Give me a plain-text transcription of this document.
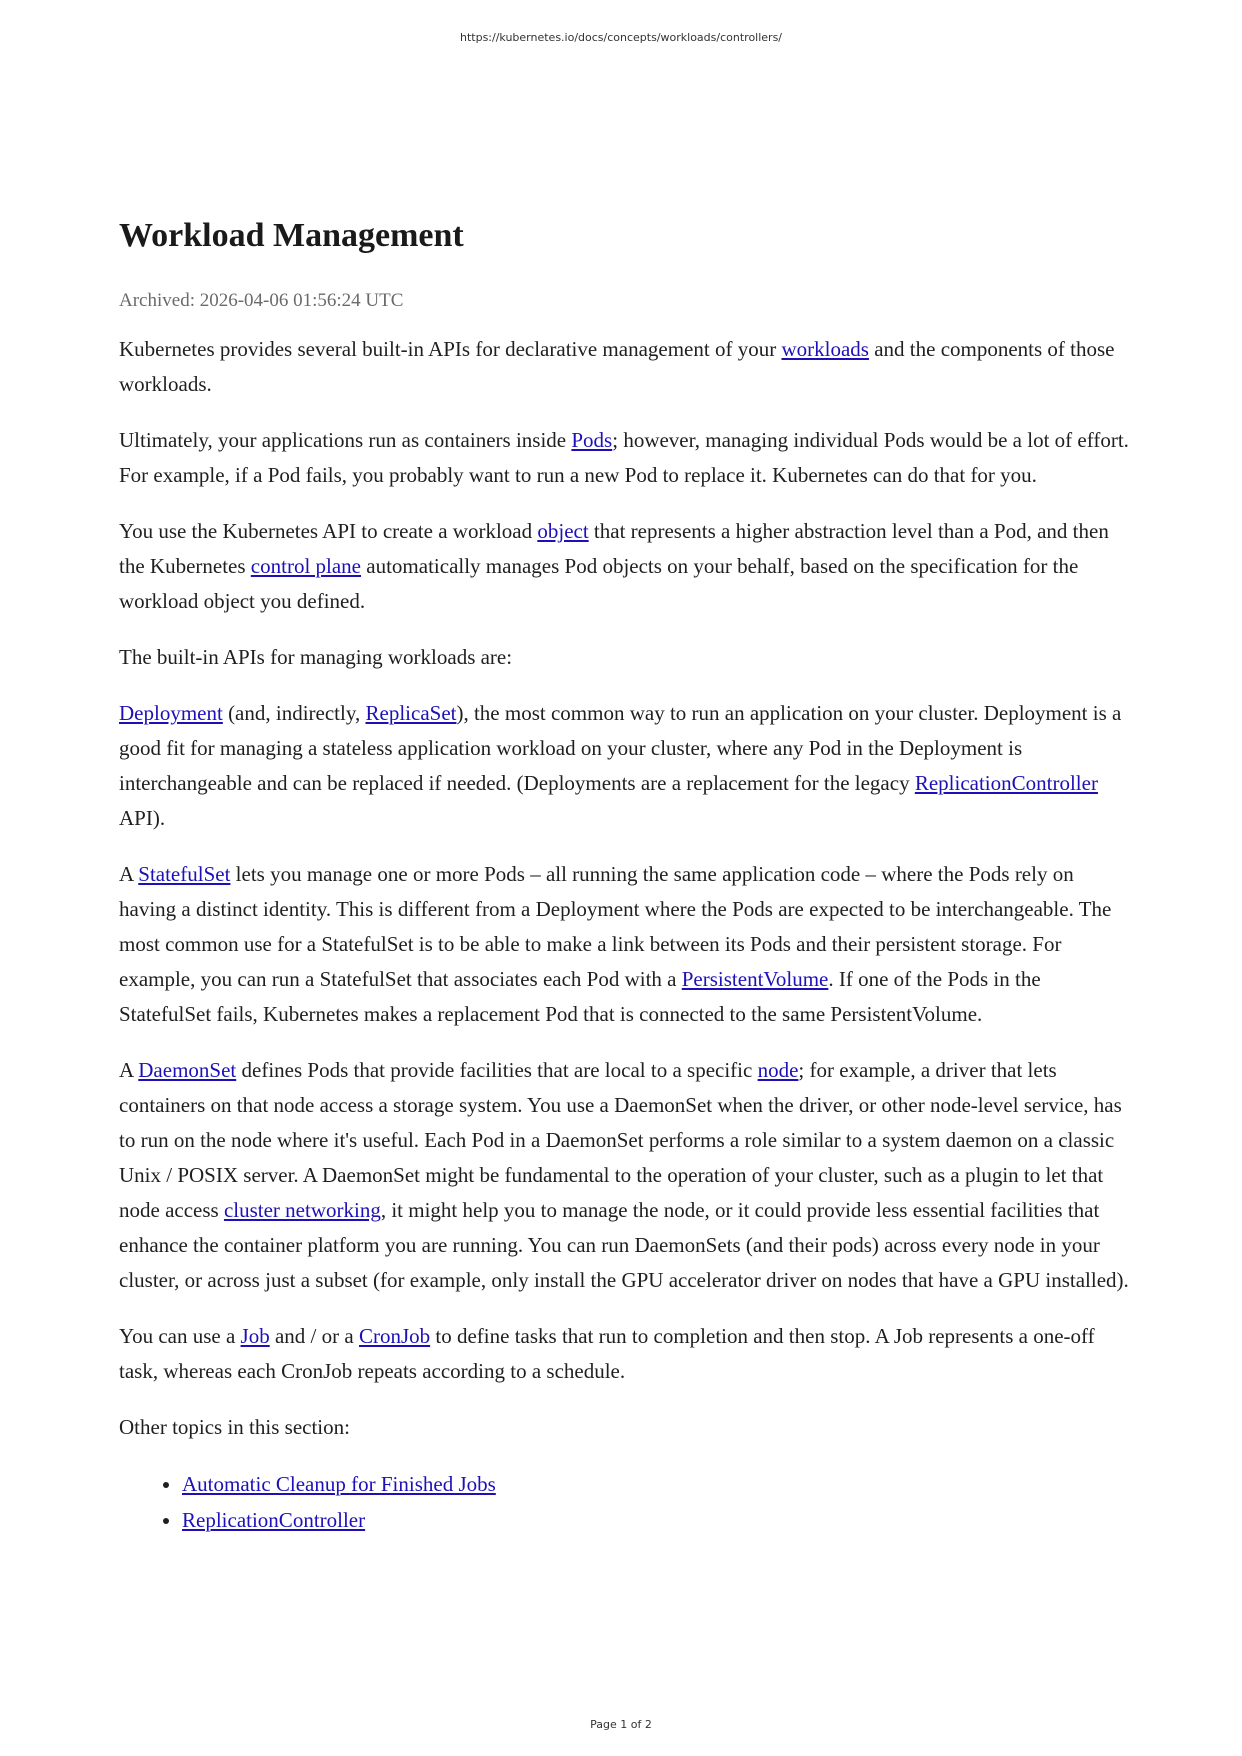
https://kubernetes.io/docs/concepts/workloads/controllers/
Workload Management
Archived: 2026-04-06 01:56:24 UTC

Kubernetes provides several built-in APIs for declarative management of your workloads and the components of those workloads.

Ultimately, your applications run as containers inside Pods; however, managing individual Pods would be a lot of effort. For example, if a Pod fails, you probably want to run a new Pod to replace it. Kubernetes can do that for you.

You use the Kubernetes API to create a workload object that represents a higher abstraction level than a Pod, and then the Kubernetes control plane automatically manages Pod objects on your behalf, based on the specification for the workload object you defined.

The built-in APIs for managing workloads are:

Deployment (and, indirectly, ReplicaSet), the most common way to run an application on your cluster. Deployment is a good fit for managing a stateless application workload on your cluster, where any Pod in the Deployment is interchangeable and can be replaced if needed. (Deployments are a replacement for the legacy ReplicationController API).

A StatefulSet lets you manage one or more Pods – all running the same application code – where the Pods rely on having a distinct identity. This is different from a Deployment where the Pods are expected to be interchangeable. The most common use for a StatefulSet is to be able to make a link between its Pods and their persistent storage. For example, you can run a StatefulSet that associates each Pod with a PersistentVolume. If one of the Pods in the StatefulSet fails, Kubernetes makes a replacement Pod that is connected to the same PersistentVolume.

A DaemonSet defines Pods that provide facilities that are local to a specific node; for example, a driver that lets containers on that node access a storage system. You use a DaemonSet when the driver, or other node-level service, has to run on the node where it's useful. Each Pod in a DaemonSet performs a role similar to a system daemon on a classic Unix / POSIX server. A DaemonSet might be fundamental to the operation of your cluster, such as a plugin to let that node access cluster networking, it might help you to manage the node, or it could provide less essential facilities that enhance the container platform you are running. You can run DaemonSets (and their pods) across every node in your cluster, or across just a subset (for example, only install the GPU accelerator driver on nodes that have a GPU installed).

You can use a Job and / or a CronJob to define tasks that run to completion and then stop. A Job represents a one-off task, whereas each CronJob repeats according to a schedule.

Other topics in this section:

• Automatic Cleanup for Finished Jobs
• ReplicationController
Page 1 of 2
